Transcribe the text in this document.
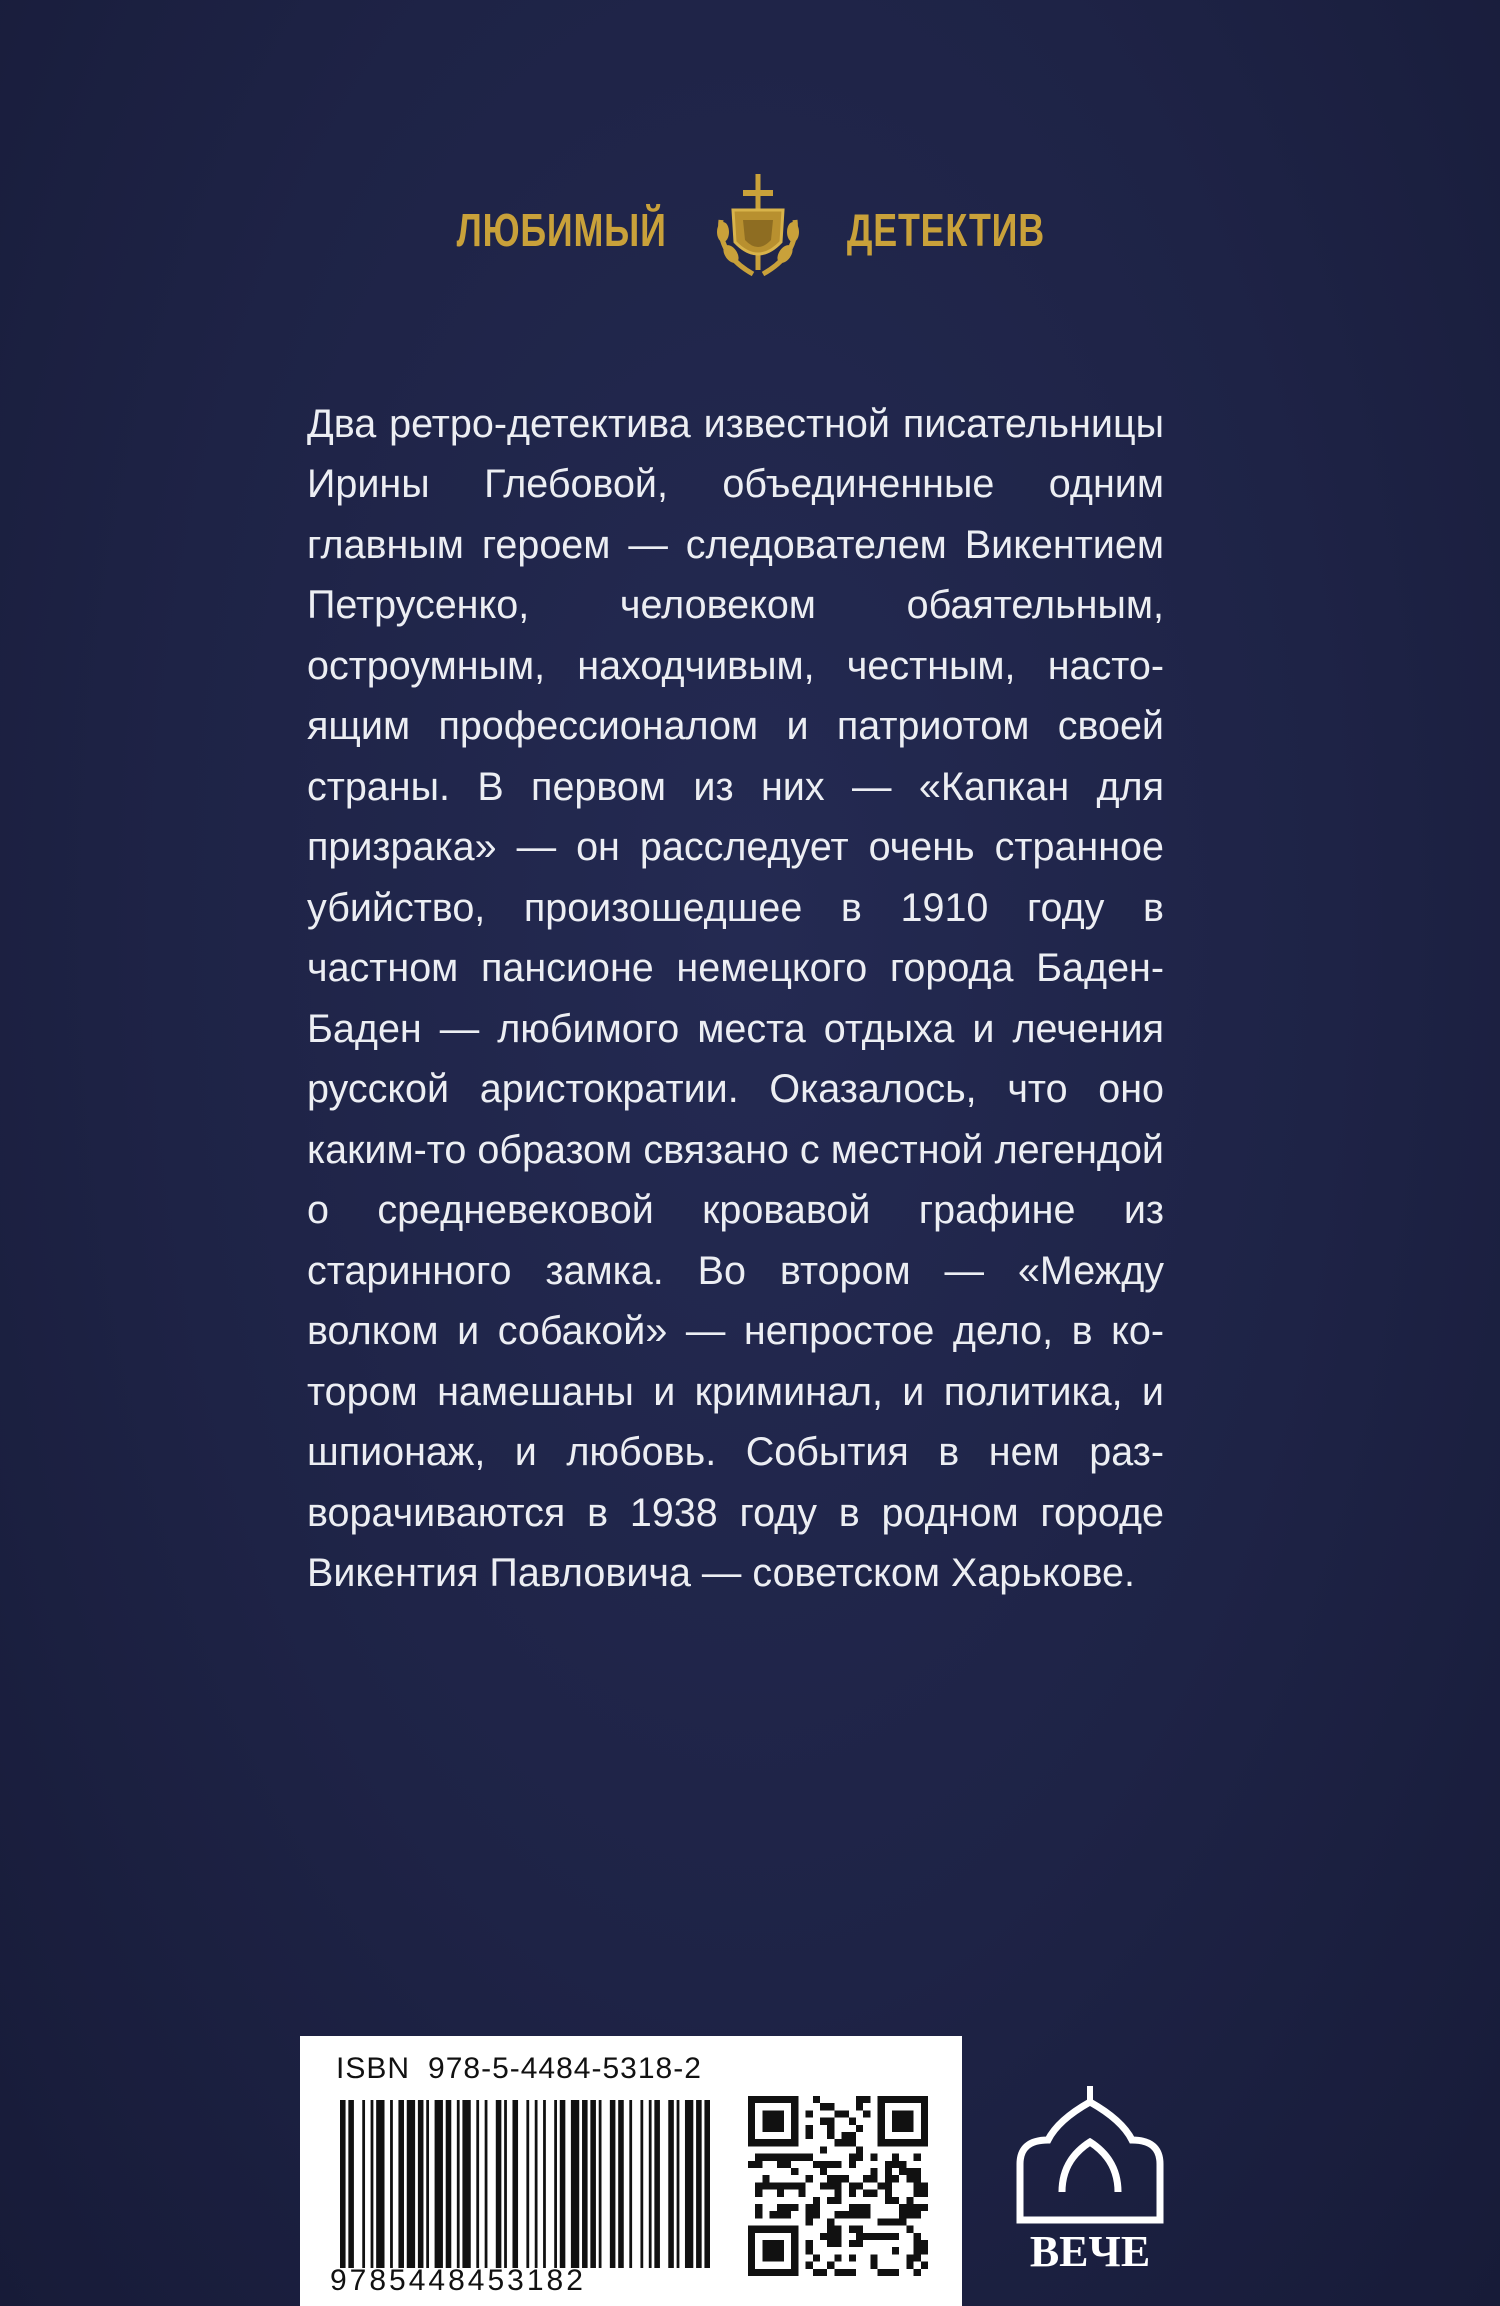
ЛЮБИМЫЙ	ДЕТЕКТИВ

Два ретро-детектива известной писательницы Ирины Глебовой, объединенные одним главным героем — следователем Викентием Петрусенко, человеком обаятельным, остроумным, находчивым, честным, настоящим профессионалом и патриотом своей страны. В первом из них — «Капкан для призрака» — он расследует очень странное убийство, произошедшее в 1910 году в частном пансионе немецкого города Баден-Баден — любимого места отдыха и лечения русской аристократии. Оказалось, что оно каким-то образом связано с местной легендой о средневековой кровавой графине из старинного замка. Во втором — «Между волком и собакой» — непростое дело, в котором намешаны и криминал, и политика, и шпионаж, и любовь. События в нем разворачиваются в 1938 году в родном городе Викентия Павловича — советском Харькове.

ISBN 978-5-4484-5318-2
9785448453182
ВЕЧЕ
